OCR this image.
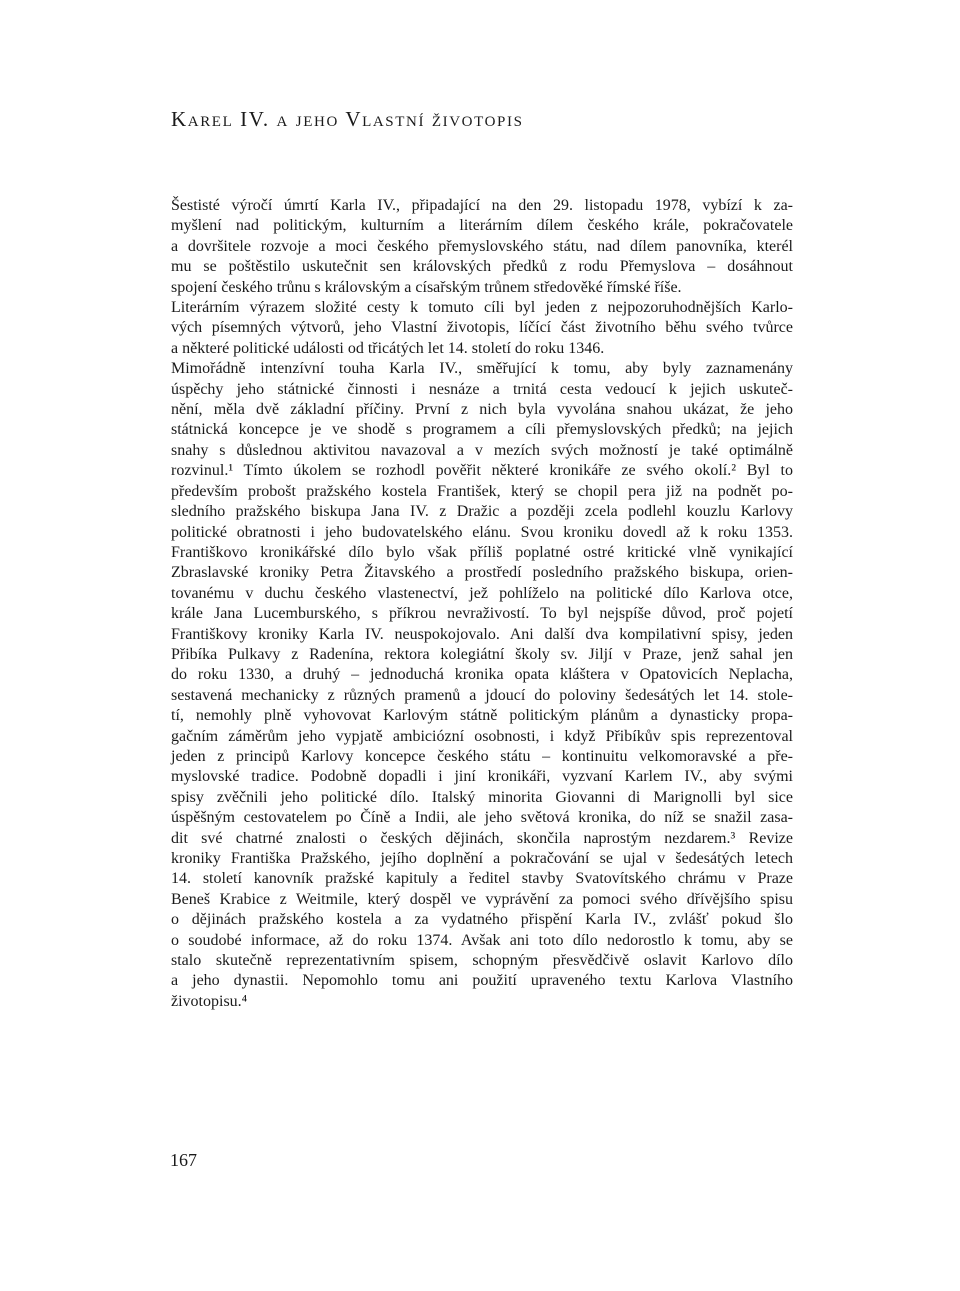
Karel IV. a jeho Vlastní životopis
Šestisté výročí úmrtí Karla IV., připadající na den 29. listopadu 1978, vybízí k za-
myšlení nad politickým, kulturním a literárním dílem českého krále, pokračovatele
a dovršitele rozvoje a moci českého přemyslovského státu, nad dílem panovníka, kterél
mu se poštěstilo uskutečnit sen královských předků z rodu Přemyslova – dosáhnout
spojení českého trůnu s královským a císařským trůnem středověké římské říše.
Literárním výrazem složité cesty k tomuto cíli byl jeden z nejpozoruhodnějších Karlo-
vých písemných výtvorů, jeho Vlastní životopis, líčící část životního běhu svého tvůrce
a některé politické události od třicátých let 14. století do roku 1346.
Mimořádně intenzívní touha Karla IV., směřující k tomu, aby byly zaznamenány
úspěchy jeho státnické činnosti i nesnáze a trnitá cesta vedoucí k jejich uskuteč-
nění, měla dvě základní příčiny. První z nich byla vyvolána snahou ukázat, že jeho
státnická koncepce je ve shodě s programem a cíli přemyslovských předků; na jejich
snahy s důslednou aktivitou navazoval a v mezích svých možností je také optimálně
rozvinul.¹ Tímto úkolem se rozhodl pověřit některé kronikáře ze svého okolí.² Byl to
především probošt pražského kostela František, který se chopil pera již na podnět po-
sledního pražského biskupa Jana IV. z Dražic a později zcela podlehl kouzlu Karlovy
politické obratnosti i jeho budovatelského elánu. Svou kroniku dovedl až k roku 1353.
Františkovo kronikářské dílo bylo však příliš poplatné ostré kritické vlně vynikající
Zbraslavské kroniky Petra Žitavského a prostředí posledního pražského biskupa, orien-
tovanému v duchu českého vlastenectví, jež pohlíželo na politické dílo Karlova otce,
krále Jana Lucemburského, s příkrou nevraživostí. To byl nejspíše důvod, proč pojetí
Františkovy kroniky Karla IV. neuspokojovalo. Ani další dva kompilativní spisy, jeden
Přibíka Pulkavy z Radenína, rektora kolegiátní školy sv. Jiljí v Praze, jenž sahal jen
do roku 1330, a druhý – jednoduchá kronika opata kláštera v Opatovicích Neplacha,
sestavená mechanicky z různých pramenů a jdoucí do poloviny šedesátých let 14. stole-
tí, nemohly plně vyhovovat Karlovým státně politickým plánům a dynasticky propa-
gačním záměrům jeho vypjatě ambiciózní osobnosti, i když Přibíkův spis reprezentoval
jeden z principů Karlovy koncepce českého státu – kontinuitu velkomoravské a pře-
myslovské tradice. Podobně dopadli i jiní kronikáři, vyzvaní Karlem IV., aby svými
spisy zvěčnili jeho politické dílo. Italský minorita Giovanni di Marignolli byl sice
úspěšným cestovatelem po Číně a Indii, ale jeho světová kronika, do níž se snažil zasa-
dit své chatrné znalosti o českých dějinách, skončila naprostým nezdarem.³ Revize
kroniky Františka Pražského, jejího doplnění a pokračování se ujal v šedesátých letech
14. století kanovník pražské kapituly a ředitel stavby Svatovítského chrámu v Praze
Beneš Krabice z Weitmile, který dospěl ve vyprávění za pomoci svého dřívějšího spisu
o dějinách pražského kostela a za vydatného přispění Karla IV., zvlášť pokud šlo
o soudobé informace, až do roku 1374. Avšak ani toto dílo nedorostlo k tomu, aby se
stalo skutečně reprezentativním spisem, schopným přesvědčivě oslavit Karlovo dílo
a jeho dynastii. Nepomohlo tomu ani použití upraveného textu Karlova Vlastního
životopisu.⁴
167
